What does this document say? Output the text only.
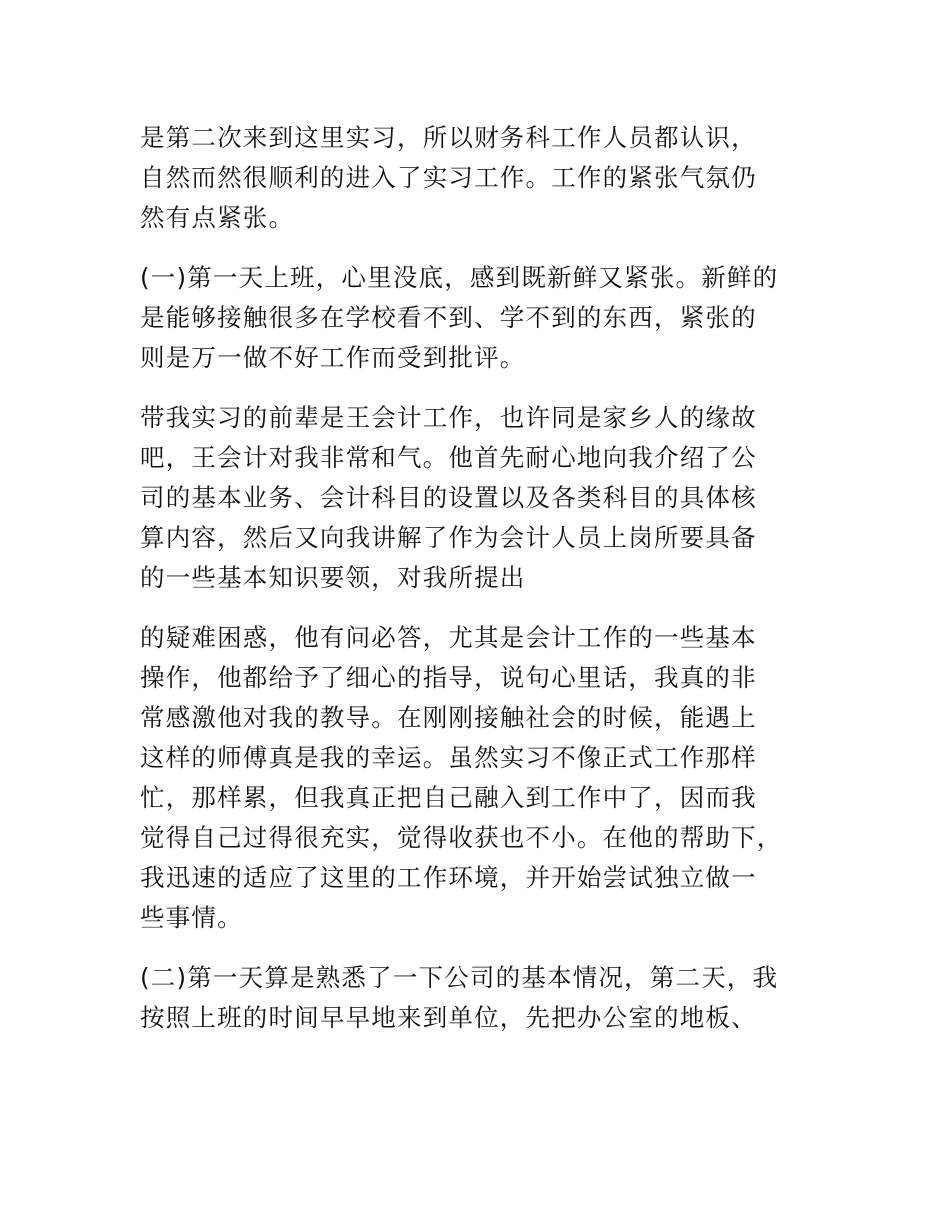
是第二次来到这里实习，所以财务科工作人员都认识，
自然而然很顺利的进入了实习工作。工作的紧张气氛仍
然有点紧张。

(一)第一天上班，心里没底，感到既新鲜又紧张。新鲜的
是能够接触很多在学校看不到、学不到的东西，紧张的
则是万一做不好工作而受到批评。

带我实习的前辈是王会计工作，也许同是家乡人的缘故
吧，王会计对我非常和气。他首先耐心地向我介绍了公
司的基本业务、会计科目的设置以及各类科目的具体核
算内容，然后又向我讲解了作为会计人员上岗所要具备
的一些基本知识要领，对我所提出

的疑难困惑，他有问必答，尤其是会计工作的一些基本
操作，他都给予了细心的指导，说句心里话，我真的非
常感激他对我的教导。在刚刚接触社会的时候，能遇上
这样的师傅真是我的幸运。虽然实习不像正式工作那样
忙，那样累，但我真正把自己融入到工作中了，因而我
觉得自己过得很充实，觉得收获也不小。在他的帮助下，
我迅速的适应了这里的工作环境，并开始尝试独立做一
些事情。

(二)第一天算是熟悉了一下公司的基本情况，第二天，我
按照上班的时间早早地来到单位，先把办公室的地板、
